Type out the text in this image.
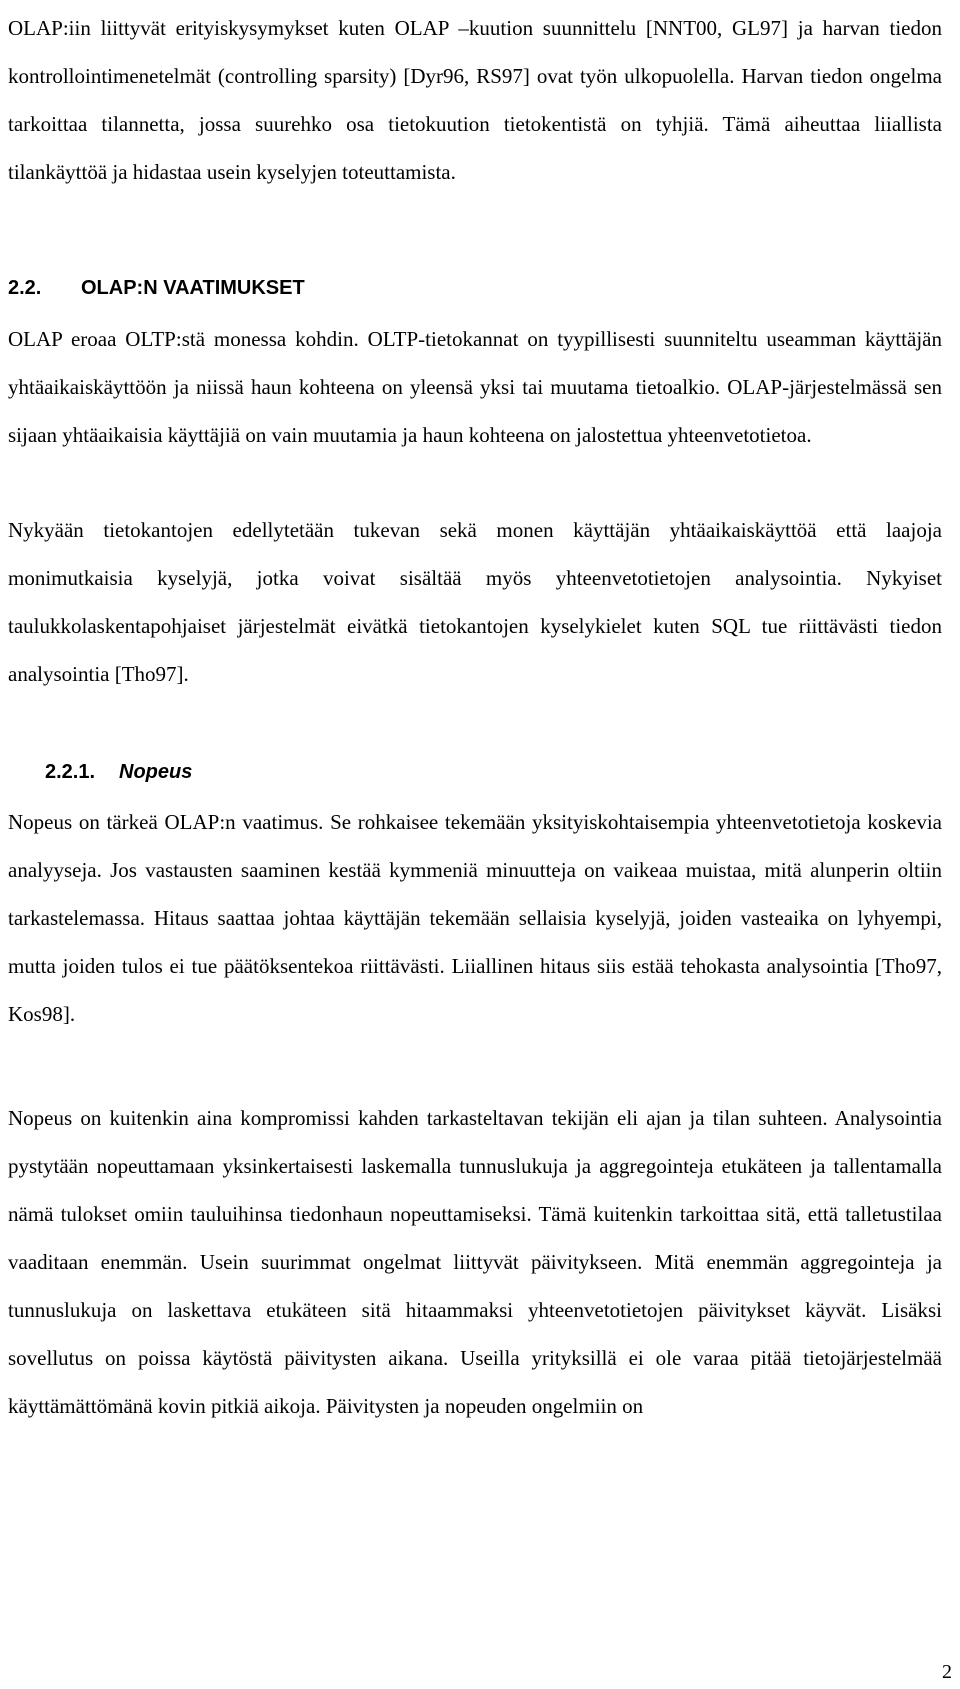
OLAP:iin liittyvät erityiskysymykset kuten OLAP –kuution suunnittelu [NNT00, GL97] ja harvan tiedon kontrollointimenetelmät (controlling sparsity) [Dyr96, RS97] ovat työn ulkopuolella. Harvan tiedon ongelma tarkoittaa tilannetta, jossa suurehko osa tietokuution tietokentistä on tyhjiä. Tämä aiheuttaa liiallista tilankäyttöä ja hidastaa usein kyselyjen toteuttamista.

2.2. OLAP:N VAATIMUKSET

OLAP eroaa OLTP:stä monessa kohdin. OLTP-tietokannat on tyypillisesti suunniteltu useamman käyttäjän yhtäaikaiskäyttöön ja niissä haun kohteena on yleensä yksi tai muutama tietoalkio. OLAP-järjestelmässä sen sijaan yhtäaikaisia käyttäjiä on vain muutamia ja haun kohteena on jalostettua yhteenvetotietoa.

Nykyään tietokantojen edellytetään tukevan sekä monen käyttäjän yhtäaikaiskäyttöä että laajoja monimutkaisia kyselyjä, jotka voivat sisältää myös yhteenvetotietojen analysointia. Nykyiset taulukkolaskentapohjaiset järjestelmät eivätkä tietokantojen kyselykielet kuten SQL tue riittävästi tiedon analysointia [Tho97].

2.2.1. Nopeus

Nopeus on tärkeä OLAP:n vaatimus. Se rohkaisee tekemään yksityiskohtaisempia yhteenvetotietoja koskevia analyyseja. Jos vastausten saaminen kestää kymmeniä minuutteja on vaikeaa muistaa, mitä alunperin oltiin tarkastelemassa. Hitaus saattaa johtaa käyttäjän tekemään sellaisia kyselyjä, joiden vasteaika on lyhyempi, mutta joiden tulos ei tue päätöksentekoa riittävästi. Liiallinen hitaus siis estää tehokasta analysointia [Tho97, Kos98].

Nopeus on kuitenkin aina kompromissi kahden tarkasteltavan tekijän eli ajan ja tilan suhteen. Analysointia pystytään nopeuttamaan yksinkertaisesti laskemalla tunnuslukuja ja aggregointeja etukäteen ja tallentamalla nämä tulokset omiin tauluihinsa tiedonhaun nopeuttamiseksi. Tämä kuitenkin tarkoittaa sitä, että talletustilaa vaaditaan enemmän. Usein suurimmat ongelmat liittyvät päivitykseen. Mitä enemmän aggregointeja ja tunnuslukuja on laskettava etukäteen sitä hitaammaksi yhteenvetotietojen päivitykset käyvät. Lisäksi sovellutus on poissa käytöstä päivitysten aikana. Useilla yrityksillä ei ole varaa pitää tietojärjestelmää käyttämättömänä kovin pitkiä aikoja. Päivitysten ja nopeuden ongelmiin on

2
